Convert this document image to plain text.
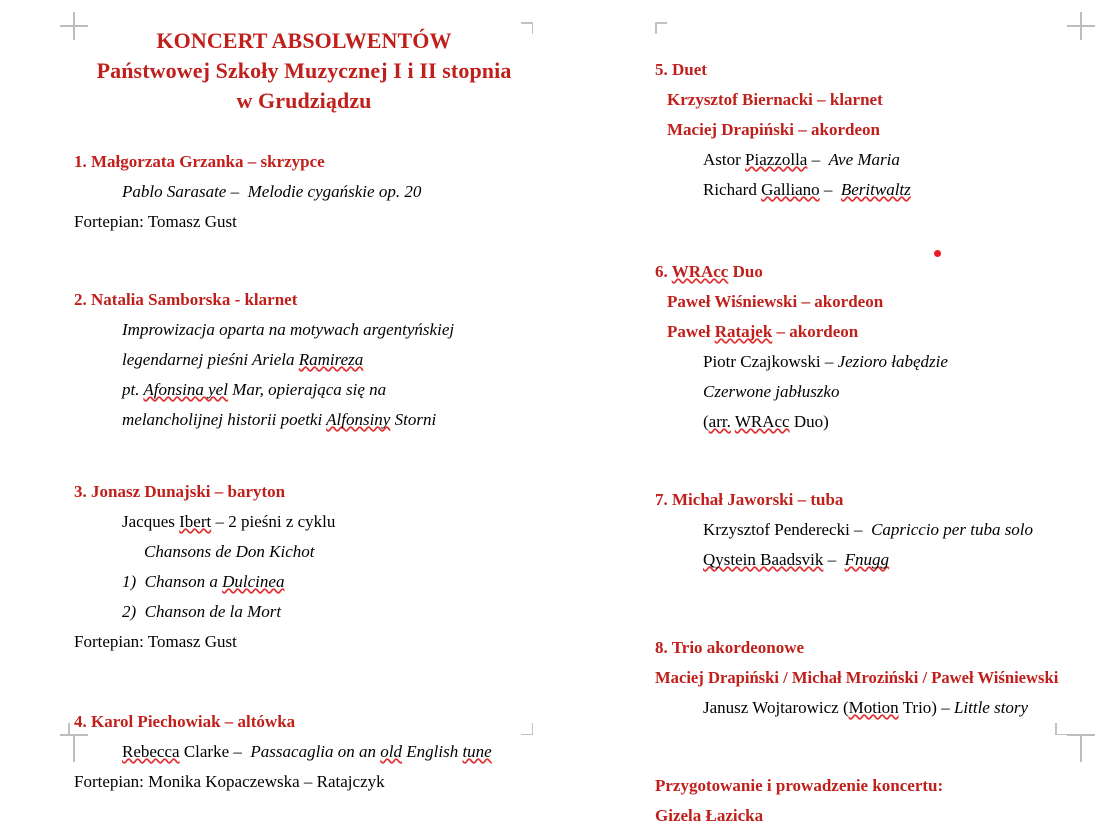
KONCERT ABSOLWENTÓW

Państwowej Szkoły Muzycznej I i II stopnia

w Grudziądzu

1. Małgorzata Grzanka – skrzypce

Pablo Sarasate –  Melodie cygańskie op. 20

Fortepian: Tomasz Gust

2. Natalia Samborska - klarnet

Improwizacja oparta na motywach argentyńskiej

legendarnej pieśni Ariela Ramireza

pt. Afonsina yel Mar, opierająca się na

melancholijnej historii poetki Alfonsiny Storni

3. Jonasz Dunajski – baryton

Jacques Ibert – 2 pieśni z cyklu

Chansons de Don Kichot

1)  Chanson a Dulcinea

2)  Chanson de la Mort

Fortepian: Tomasz Gust

4. Karol Piechowiak – altówka

Rebecca Clarke –  Passacaglia on an old English tune

Fortepian: Monika Kopaczewska – Ratajczyk

5. Duet

Krzysztof Biernacki – klarnet

Maciej Drapiński – akordeon

Astor Piazzolla –  Ave Maria

Richard Galliano –  Beritwaltz

6. WRAcc Duo

Paweł Wiśniewski – akordeon

Paweł Ratajek – akordeon

Piotr Czajkowski – Jezioro łabędzie

Czerwone jabłuszko

(arr. WRAcc Duo)

7. Michał Jaworski – tuba

Krzysztof Penderecki –  Capriccio per tuba solo

Qystein Baadsvik –  Fnugg

8. Trio akordeonowe

Maciej Drapiński / Michał Mroziński / Paweł Wiśniewski

Janusz Wojtarowicz (Motion Trio) – Little story

Przygotowanie i prowadzenie koncertu:

Gizela Łazicka
